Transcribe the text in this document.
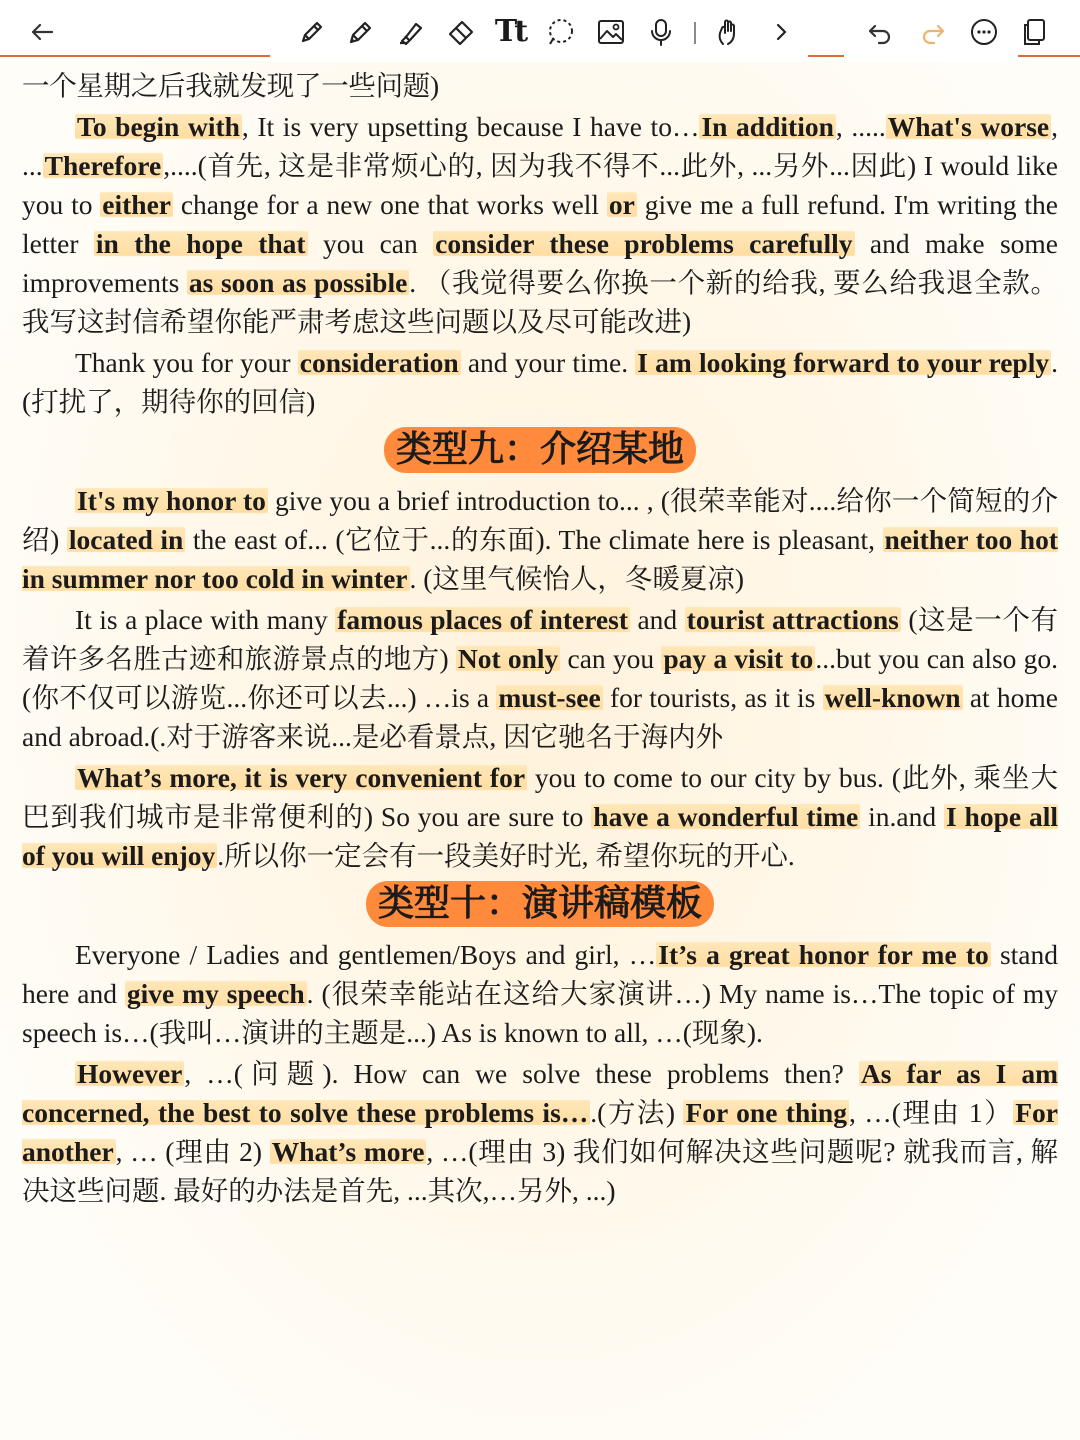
Tt

一个星期之后我就发现了一些问题)

To begin with, It is very upsetting because I have to…In addition, .....What's worse, ...Therefore,....(首先, 这是非常烦心的, 因为我不得不...此外, ...另外...因此) I would like you to either change for a new one that works well or give me a full refund. I'm writing the letter in the hope that you can consider these problems carefully and make some improvements as soon as possible. （我觉得要么你换一个新的给我, 要么给我退全款。我写这封信希望你能严肃考虑这些问题以及尽可能改进)

Thank you for your consideration and your time. I am looking forward to your reply. (打扰了，期待你的回信)

类型九：介绍某地

It's my honor to give you a brief introduction to... , (很荣幸能对....给你一个简短的介绍) located in the east of... (它位于...的东面). The climate here is pleasant, neither too hot in summer nor too cold in winter. (这里气候怡人，冬暖夏凉)

It is a place with many famous places of interest and tourist attractions (这是一个有着许多名胜古迹和旅游景点的地方) Not only can you pay a visit to...but you can also go. (你不仅可以游览...你还可以去...) …is a must-see for tourists, as it is well-known at home and abroad.(.对于游客来说...是必看景点, 因它驰名于海内外

What’s more, it is very convenient for you to come to our city by bus. (此外, 乘坐大巴到我们城市是非常便利的) So you are sure to have a wonderful time in.and I hope all of you will enjoy.所以你一定会有一段美好时光, 希望你玩的开心.

类型十：演讲稿模板

Everyone / Ladies and gentlemen/Boys and girl, …It’s a great honor for me to stand here and give my speech. (很荣幸能站在这给大家演讲…) My name is…The topic of my speech is…(我叫…演讲的主题是...) As is known to all, …(现象).

However, …(问题). How can we solve these problems then? As far as I am concerned, the best to solve these problems is….(方法) For one thing, …(理由 1）For another, … (理由 2) What’s more, …(理由 3) 我们如何解决这些问题呢? 就我而言, 解决这些问题. 最好的办法是首先, ...其次,…另外, ...)
